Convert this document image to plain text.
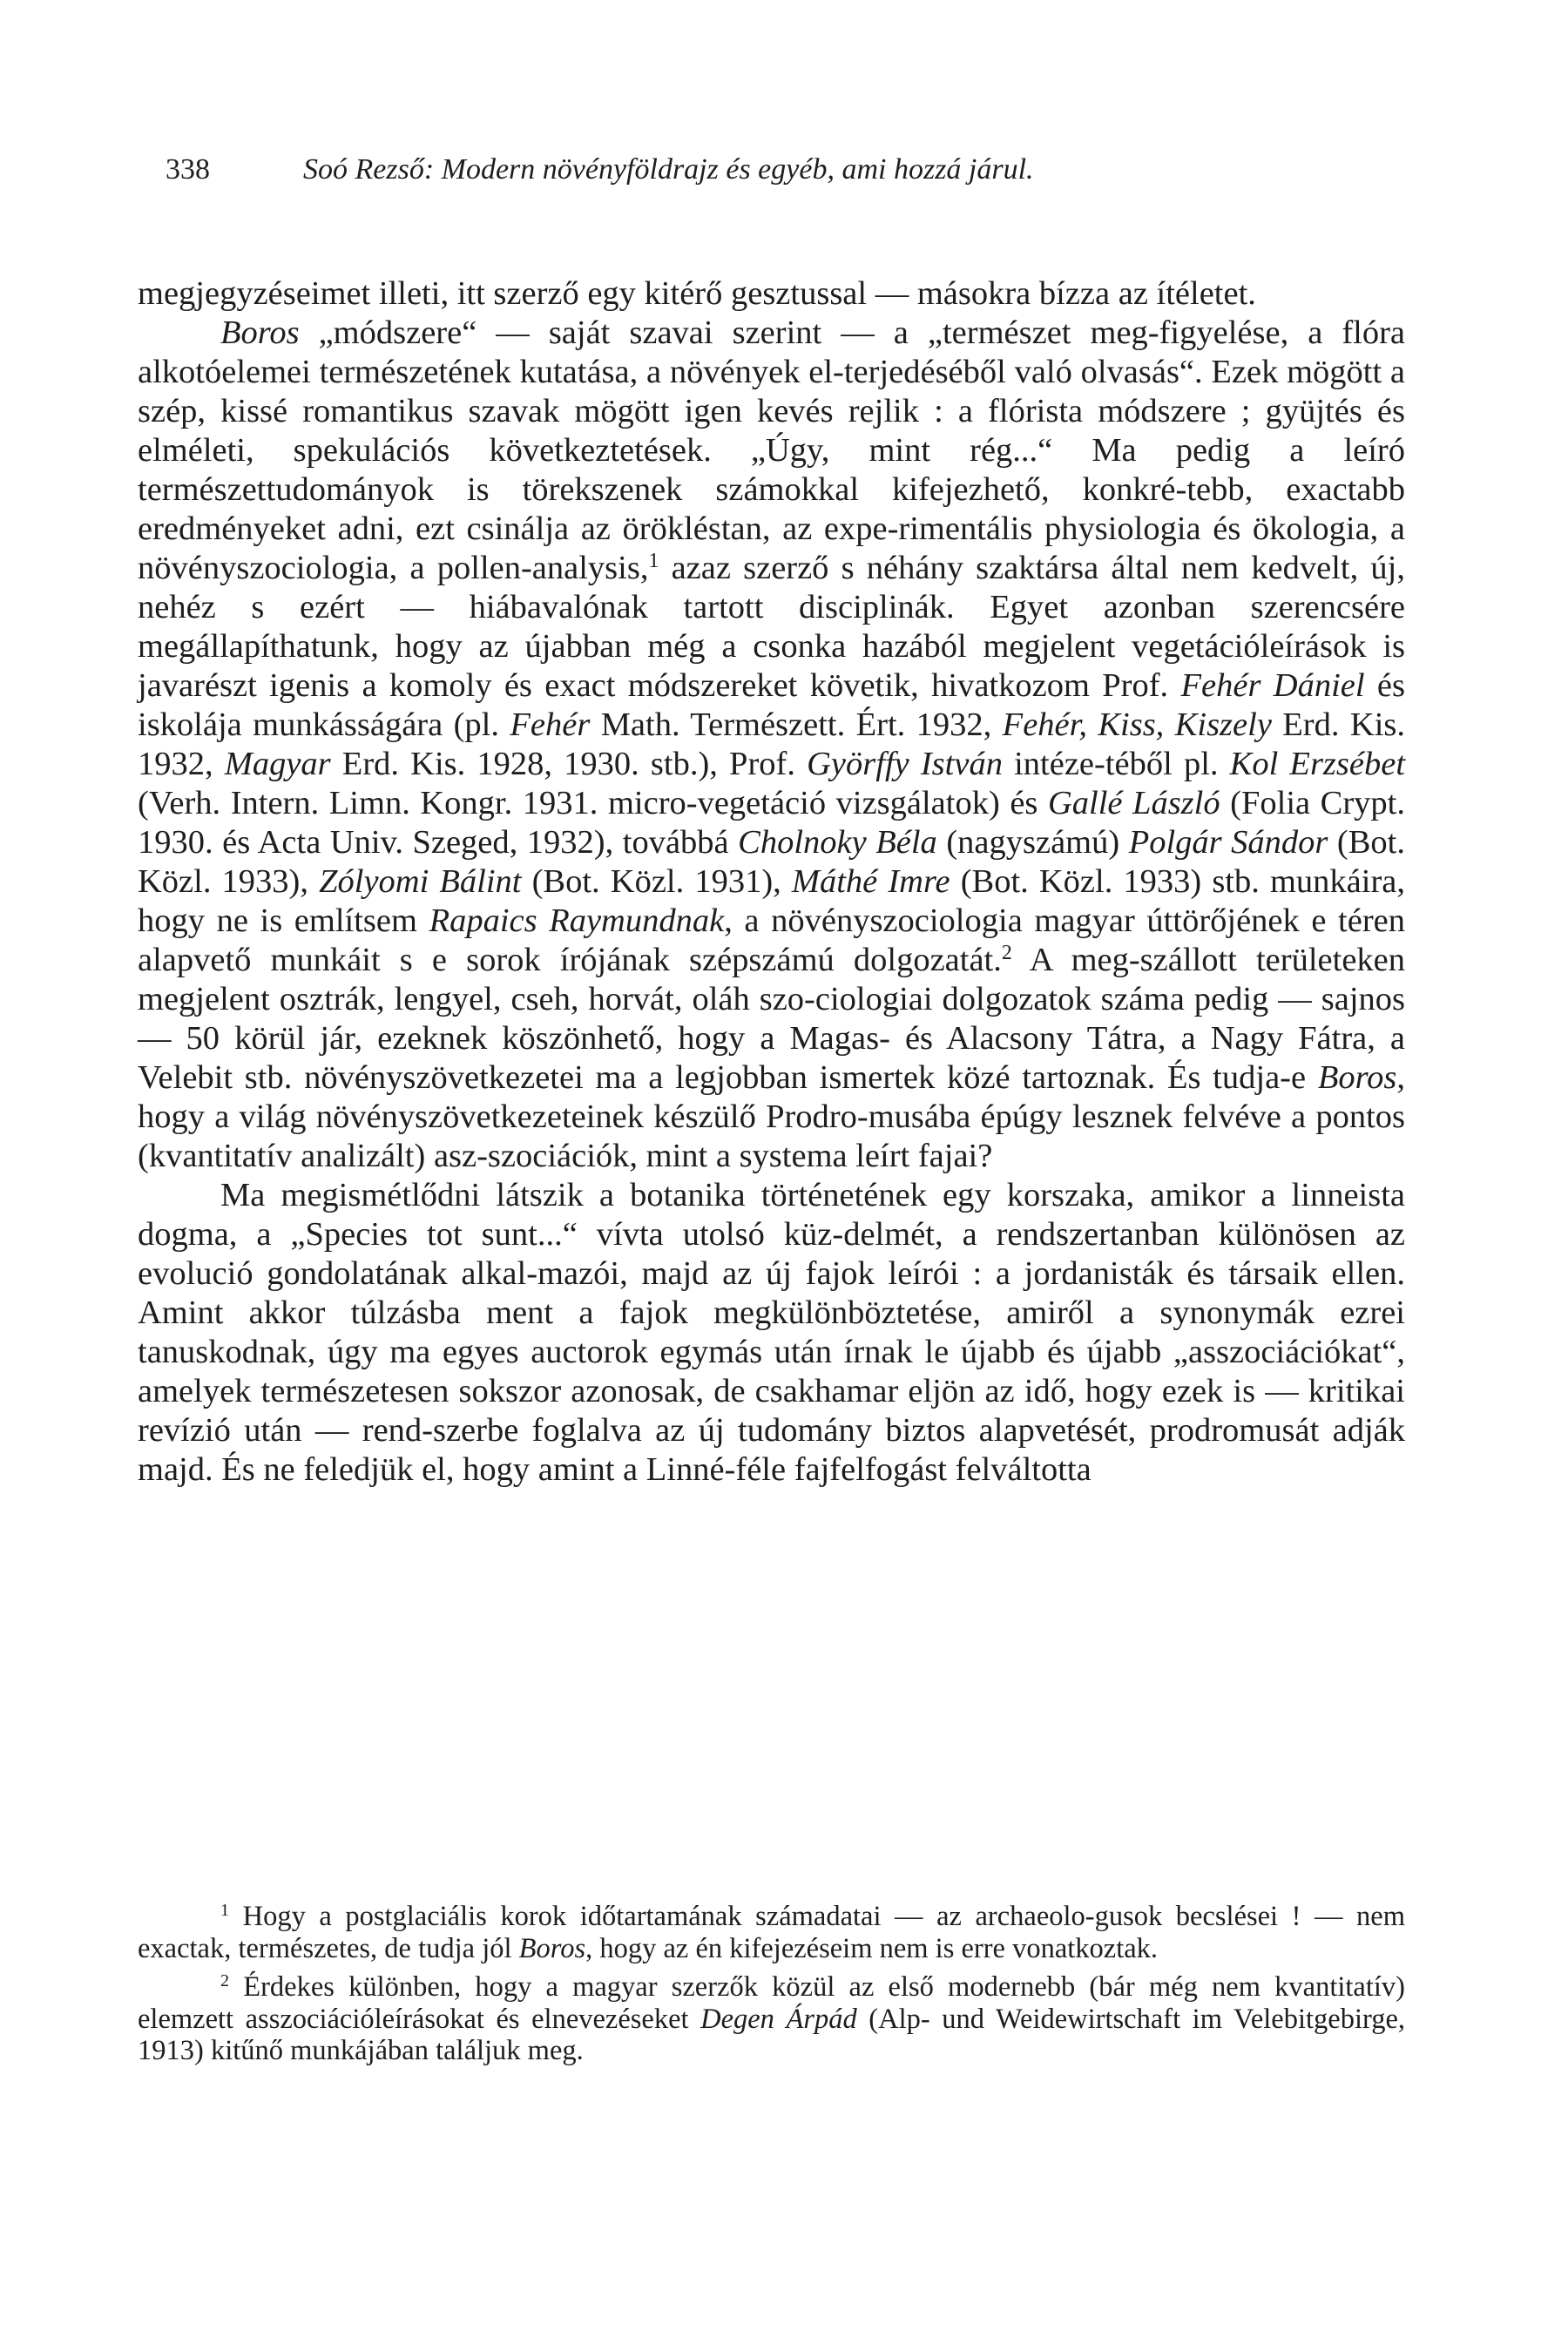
338	Soó Rezső: Modern növényföldrajz és egyéb, ami hozzá járul.

megjegyzéseimet illeti, itt szerző egy kitérő gesztussal — másokra bízza az ítéletet.

Boros „módszere“ — saját szavai szerint — a „természet meg-figyelése, a flóra alkotóelemei természetének kutatása, a növények el-terjedéséből való olvasás“. Ezek mögött a szép, kissé romantikus szavak mögött igen kevés rejlik : a flórista módszere ; gyüjtés és elméleti, spekulációs következtetések. „Úgy, mint rég...“ Ma pedig a leíró természettudományok is törekszenek számokkal kifejezhető, konkré-tebb, exactabb eredményeket adni, ezt csinálja az örökléstan, az expe-rimentális physiologia és ökologia, a növényszociologia, a pollen-analysis,$^1$ azaz szerző s néhány szaktársa által nem kedvelt, új, nehéz s ezért — hiábavalónak tartott disciplinák. Egyet azonban szerencsére megállapíthatunk, hogy az újabban még a csonka hazából megjelent vegetációleírások is javarészt igenis a komoly és exact módszereket követik, hivatkozom Prof. Fehér Dániel és iskolája munkásságára (pl. Fehér Math. Természett. Ért. 1932, Fehér, Kiss, Kiszely Erd. Kis. 1932, Magyar Erd. Kis. 1928, 1930. stb.), Prof. Györffy István intéze-téből pl. Kol Erzsébet (Verh. Intern. Limn. Kongr. 1931. micro-vegetáció vizsgálatok) és Gallé László (Folia Crypt. 1930. és Acta Univ. Szeged, 1932), továbbá Cholnoky Béla (nagyszámú) Polgár Sándor (Bot. Közl. 1933), Zólyomi Bálint (Bot. Közl. 1931), Máthé Imre (Bot. Közl. 1933) stb. munkáira, hogy ne is említsem Rapaics Raymundnak, a növényszociologia magyar úttörőjének e téren alapvető munkáit s e sorok írójának szépszámú dolgozatát.$^2$ A meg-szállott területeken megjelent osztrák, lengyel, cseh, horvát, oláh szo-ciologiai dolgozatok száma pedig — sajnos — 50 körül jár, ezeknek köszönhető, hogy a Magas- és Alacsony Tátra, a Nagy Fátra, a Velebit stb. növényszövetkezetei ma a legjobban ismertek közé tartoznak. És tudja-e Boros, hogy a világ növényszövetkezeteinek készülő Prodro-musába épúgy lesznek felvéve a pontos (kvantitatív analizált) asz-szociációk, mint a systema leírt fajai?

Ma megismétlődni látszik a botanika történetének egy korszaka, amikor a linneista dogma, a „Species tot sunt...“ vívta utolsó küz-delmét, a rendszertanban különösen az evolució gondolatának alkal-mazói, majd az új fajok leírói : a jordanisták és társaik ellen. Amint akkor túlzásba ment a fajok megkülönböztetése, amiről a synonymák ezrei tanuskodnak, úgy ma egyes auctorok egymás után írnak le újabb és újabb „asszociációkat“, amelyek természetesen sokszor azonosak, de csakhamar eljön az idő, hogy ezek is — kritikai revízió után — rend-szerbe foglalva az új tudomány biztos alapvetését, prodromusát adják majd. És ne feledjük el, hogy amint a Linné-féle fajfelfogást felváltotta

$^1$ Hogy a postglaciális korok időtartamának számadatai — az archaeolo-gusok becslései ! — nem exactak, természetes, de tudja jól Boros, hogy az én kifejezéseim nem is erre vonatkoztak.

$^2$ Érdekes különben, hogy a magyar szerzők közül az első modernebb (bár még nem kvantitatív) elemzett asszociációleírásokat és elnevezéseket Degen Árpád (Alp- und Weidewirtschaft im Velebitgebirge, 1913) kitűnő munkájában találjuk meg.
